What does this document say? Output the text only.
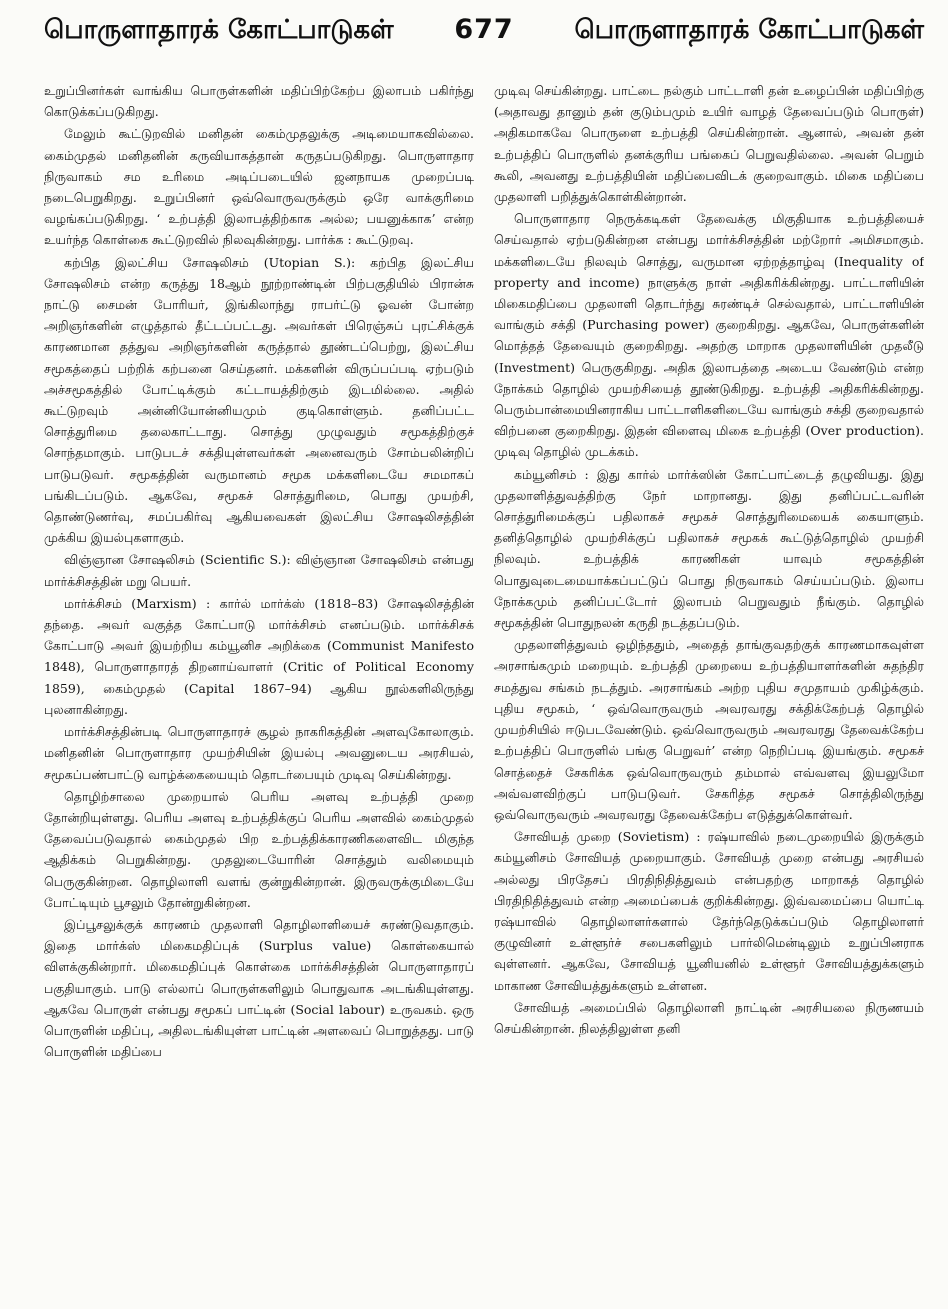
பொருளாதாரக் கோட்பாடுகள் 677 பொருளாதாரக் கோட்பாடுகள்

உறுப்பினர்கள் வாங்கிய பொருள்களின் மதிப்பிற்கேற்ப இலாபம் பகிர்ந்து கொடுக்கப்படுகிறது.

மேலும் கூட்டுறவில் மனிதன் கைம்முதலுக்கு அடிமையாகவில்லை. கைம்முதல் மனிதனின் கருவியாகத்தான் கருதப்படுகிறது. பொருளாதார நிருவாகம் சம உரிமை அடிப்படையில் ஜனநாயக முறைப்படி நடைபெறுகிறது. உறுப்பினர் ஒவ்வொருவருக்கும் ஒரே வாக்குரிமை வழங்கப்படுகிறது. ‘ உற்பத்தி இலாபத்திற்காக அல்ல; பயனுக்காக’ என்ற உயர்ந்த கொள்கை கூட்டுறவில் நிலவுகின்றது. பார்க்க : கூட்டுறவு.

கற்பித இலட்சிய சோஷலிசம் (Utopian S.): கற்பித இலட்சிய சோஷலிசம் என்ற கருத்து 18ஆம் நூற்றாண்டின் பிற்பகுதியில் பிரான்சு நாட்டு சைமன் போரியர், இங்கிலாந்து ராபர்ட்டு ஓவன் போன்ற அறிஞர்களின் எழுத்தால் தீட்டப்பட்டது. அவர்கள் பிரெஞ்சுப் புரட்சிக்குக் காரணமான தத்துவ அறிஞர்களின் கருத்தால் தூண்டப்பெற்று, இலட்சிய சமூகத்தைப் பற்றிக் கற்பனை செய்தனர். மக்களின் விருப்பப்படி ஏற்படும் அச்சமூகத்தில் போட்டிக்கும் கட்டாயத்திற்கும் இடமில்லை. அதில் கூட்டுறவும் அன்னியோன்னியமும் குடிகொள்ளும். தனிப்பட்ட சொத்துரிமை தலைகாட்டாது. சொத்து முழுவதும் சமூகத்திற்குச் சொந்தமாகும். பாடுபடச் சக்தியுள்ளவர்கள் அனைவரும் சோம்பலின்றிப் பாடுபடுவர். சமூகத்தின் வருமானம் சமூக மக்களிடையே சமமாகப் பங்கிடப்படும். ஆகவே, சமூகச் சொத்துரிமை, பொது முயற்சி, தொண்டுணர்வு, சமப்பகிர்வு ஆகியவைகள் இலட்சிய சோஷலிசத்தின் முக்கிய இயல்புகளாகும்.

விஞ்ஞான சோஷலிசம் (Scientific S.): விஞ்ஞான சோஷலிசம் என்பது மார்க்சிசத்தின் மறு பெயர்.

மார்க்சிசம் (Marxism) : கார்ல் மார்க்ஸ் (1818–83) சோஷலிசத்தின் தந்தை. அவர் வகுத்த கோட்பாடு மார்க்சிசம் எனப்படும். மார்க்சிசக் கோட்பாடு அவர் இயற்றிய கம்யூனிச அறிக்கை (Communist Manifesto 1848), பொருளாதாரத் திறனாய்வாளர் (Critic of Political Economy 1859), கைம்முதல் (Capital 1867–94) ஆகிய நூல்களிலிருந்து புலனாகின்றது.

மார்க்சிசத்தின்படி பொருளாதாரச் சூழல் நாகரிகத்தின் அளவுகோலாகும். மனிதனின் பொருளாதார முயற்சியின் இயல்பு அவனுடைய அரசியல், சமூகப்பண்பாட்டு வாழ்க்கையையும் தொடர்பையும் முடிவு செய்கின்றது.

தொழிற்சாலை முறையால் பெரிய அளவு உற்பத்தி முறை தோன்றியுள்ளது. பெரிய அளவு உற்பத்திக்குப் பெரிய அளவில் கைம்முதல் தேவைப்படுவதால் கைம்முதல் பிற உற்பத்திக்காரணிகளைவிட மிகுந்த ஆதிக்கம் பெறுகின்றது. முதலுடையோரின் சொத்தும் வலிமையும் பெருகுகின்றன. தொழிலாளி வளங் குன்றுகின்றான். இருவருக்குமிடையே போட்டியும் பூசலும் தோன்றுகின்றன.

இப்பூசலுக்குக் காரணம் முதலாளி தொழிலாளியைச் சுரண்டுவதாகும். இதை மார்க்ஸ் மிகைமதிப்புக் (Surplus value) கொள்கையால் விளக்குகின்றார். மிகைமதிப்புக் கொள்கை மார்க்சிசத்தின் பொருளாதாரப் பகுதியாகும். பாடு எல்லாப் பொருள்களிலும் பொதுவாக அடங்கியுள்ளது. ஆகவே பொருள் என்பது சமூகப் பாட்டின் (Social labour) உருவகம். ஒரு பொருளின் மதிப்பு, அதிலடங்கியுள்ள பாட்டின் அளவைப் பொறுத்தது. பாடு பொருளின் மதிப்பை

முடிவு செய்கின்றது. பாட்டை நல்கும் பாட்டாளி தன் உழைப்பின் மதிப்பிற்கு (அதாவது தானும் தன் குடும்பமும் உயிர் வாழத் தேவைப்படும் பொருள்) அதிகமாகவே பொருளை உற்பத்தி செய்கின்றான். ஆனால், அவன் தன் உற்பத்திப் பொருளில் தனக்குரிய பங்கைப் பெறுவதில்லை. அவன் பெறும் கூலி, அவனது உற்பத்தியின் மதிப்பைவிடக் குறைவாகும். மிகை மதிப்பை முதலாளி பறித்துக்கொள்கின்றான்.

பொருளாதார நெருக்கடிகள் தேவைக்கு மிகுதியாக உற்பத்தியைச் செய்வதால் ஏற்படுகின்றன என்பது மார்க்சிசத்தின் மற்றோர் அமிசமாகும். மக்களிடையே நிலவும் சொத்து, வருமான ஏற்றத்தாழ்வு (Inequality of property and income) நாளுக்கு நாள் அதிகரிக்கின்றது. பாட்டாளியின் மிகைமதிப்பை முதலாளி தொடர்ந்து சுரண்டிச் செல்வதால், பாட்டாளியின் வாங்கும் சக்தி (Purchasing power) குறைகிறது. ஆகவே, பொருள்களின் மொத்தத் தேவையும் குறைகிறது. அதற்கு மாறாக முதலாளியின் முதலீடு (Investment) பெருகுகிறது. அதிக இலாபத்தை அடைய வேண்டும் என்ற நோக்கம் தொழில் முயற்சியைத் தூண்டுகிறது. உற்பத்தி அதிகரிக்கின்றது. பெரும்பான்மையினராகிய பாட்டாளிகளிடையே வாங்கும் சக்தி குறைவதால் விற்பனை குறைகிறது. இதன் விளைவு மிகை உற்பத்தி (Over production). முடிவு தொழில் முடக்கம்.

கம்யூனிசம் : இது கார்ல் மார்க்ஸின் கோட்பாட்டைத் தழுவியது. இது முதலாளித்துவத்திற்கு நேர் மாறானது. இது தனிப்பட்டவரின் சொத்துரிமைக்குப் பதிலாகச் சமூகச் சொத்துரிமையைக் கையாளும். தனித்தொழில் முயற்சிக்குப் பதிலாகச் சமூகக் கூட்டுத்தொழில் முயற்சி நிலவும். உற்பத்திக் காரணிகள் யாவும் சமூகத்தின் பொதுவுடைமையாக்கப்பட்டுப் பொது நிருவாகம் செய்யப்படும். இலாப நோக்கமும் தனிப்பட்டோர் இலாபம் பெறுவதும் நீங்கும். தொழில் சமூகத்தின் பொதுநலன் கருதி நடத்தப்படும்.

முதலாளித்துவம் ஒழிந்ததும், அதைத் தாங்குவதற்குக் காரணமாகவுள்ள அரசாங்கமும் மறையும். உற்பத்தி முறையை உற்பத்தியாளர்களின் சுதந்திர சமத்துவ சங்கம் நடத்தும். அரசாங்கம் அற்ற புதிய சமுதாயம் முகிழ்க்கும். புதிய சமூகம், ‘ ஒவ்வொருவரும் அவரவரது சக்திக்கேற்பத் தொழில் முயற்சியில் ஈடுபடவேண்டும். ஒவ்வொருவரும் அவரவரது தேவைக்கேற்ப உற்பத்திப் பொருளில் பங்கு பெறுவர்’ என்ற நெறிப்படி இயங்கும். சமூகச் சொத்தைச் சேகரிக்க ஒவ்வொருவரும் தம்மால் எவ்வளவு இயலுமோ அவ்வளவிற்குப் பாடுபடுவர். சேகரித்த சமூகச் சொத்திலிருந்து ஒவ்வொருவரும் அவரவரது தேவைக்கேற்ப எடுத்துக்கொள்வர்.

சோவியத் முறை (Sovietism) : ரஷ்யாவில் நடைமுறையில் இருக்கும் கம்யூனிசம் சோவியத் முறையாகும். சோவியத் முறை என்பது அரசியல் அல்லது பிரதேசப் பிரதிநிதித்துவம் என்பதற்கு மாறாகத் தொழில் பிரதிநிதித்துவம் என்ற அமைப்பைக் குறிக்கின்றது. இவ்வமைப்பை யொட்டி ரஷ்யாவில் தொழிலாளர்களால் தேர்ந்தெடுக்கப்படும் தொழிலாளர் குழுவினர் உள்ளூர்ச் சபைகளிலும் பார்லிமென்டிலும் உறுப்பினராக வுள்ளனர். ஆகவே, சோவியத் யூனியனில் உள்ளூர் சோவியத்துக்களும் மாகாண சோவியத்துக்களும் உள்ளன.

சோவியத் அமைப்பில் தொழிலாளி நாட்டின் அரசியலை நிருணயம் செய்கின்றான். நிலத்திலுள்ள தனி
